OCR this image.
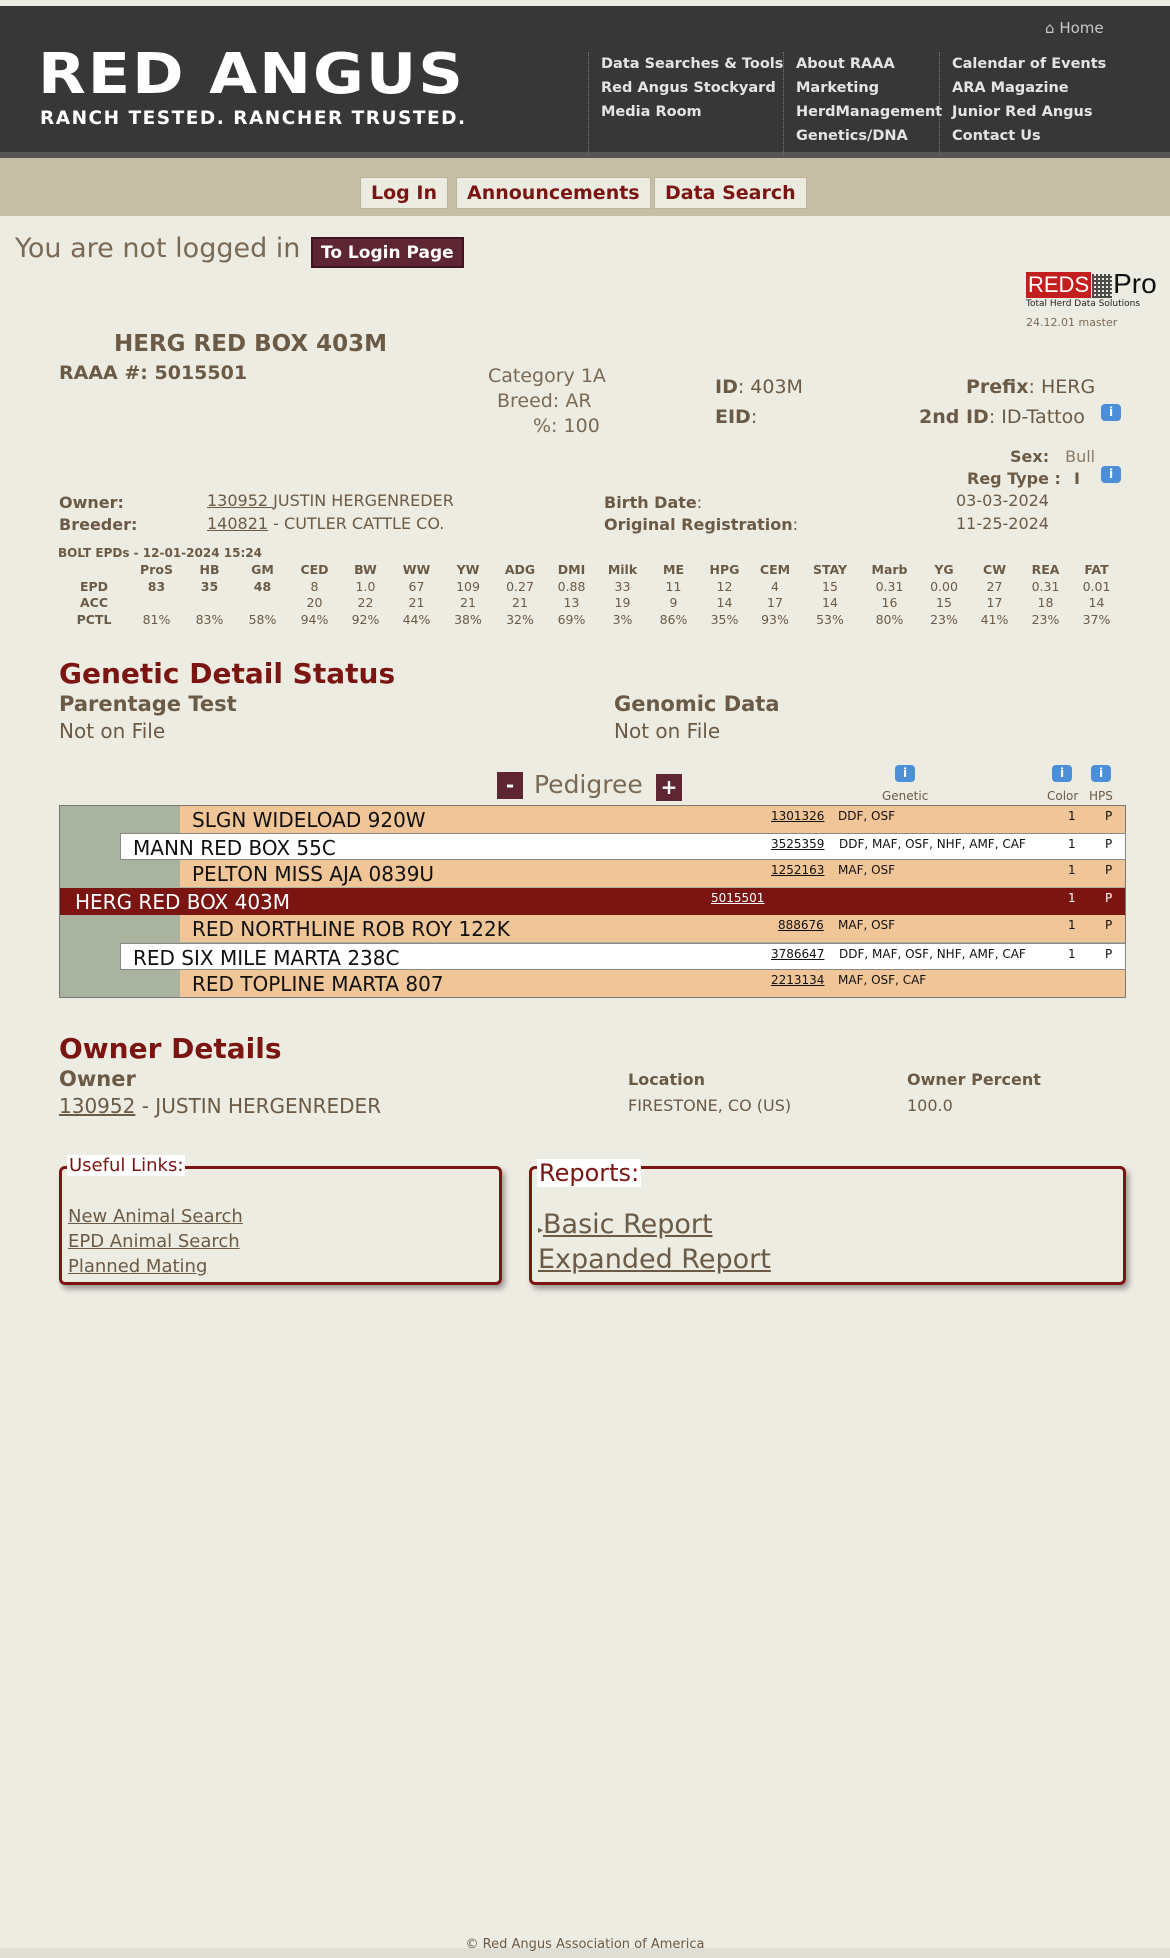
RED ANGUS
RANCH TESTED. RANCHER TRUSTED.
⌂ Home
Data Searches & Tools
Red Angus Stockyard
Media Room
About RAAA
Marketing
HerdManagement
Genetics/DNA
Calendar of Events
ARA Magazine
Junior Red Angus
Contact Us
Log In	Announcements	Data Search
You are not logged in	To Login Page
REDS Pro
Total Herd Data Solutions
24.12.01 master
HERG RED BOX 403M
RAAA #: 5015501	Category 1A
Breed: AR
%: 100
ID: 403M
EID:
Prefix: HERG
2nd ID: ID-Tattoo	i
Sex: Bull
Reg Type : I	i
Owner:	130952 JUSTIN HERGENREDER
Breeder:	140821 - CUTLER CATTLE CO.
Birth Date:	03-03-2024
Original Registration:	11-25-2024
BOLT EPDs - 12-01-2024 15:24
	ProS	HB	GM	CED	BW	WW	YW	ADG	DMI	Milk	ME	HPG	CEM	STAY	Marb	YG	CW	REA	FAT
EPD	83	35	48	8	1.0	67	109	0.27	0.88	33	11	12	4	15	0.31	0.00	27	0.31	0.01
ACC				20	22	21	21	21	13	19	9	14	17	14	16	15	17	18	14
PCTL	81%	83%	58%	94%	92%	44%	38%	32%	69%	3%	86%	35%	93%	53%	80%	23%	41%	23%	37%
Genetic Detail Status
Parentage Test
Not on File
Genomic Data
Not on File
- Pedigree +
i
Genetic
i
Color
i
HPS
SLGN WIDELOAD 920W	1301326 DDF, OSF	1 P
MANN RED BOX 55C	3525359 DDF, MAF, OSF, NHF, AMF, CAF	1 P
PELTON MISS AJA 0839U	1252163 MAF, OSF	1 P
HERG RED BOX 403M	5015501	1 P
RED NORTHLINE ROB ROY 122K	888676 MAF, OSF	1 P
RED SIX MILE MARTA 238C	3786647 DDF, MAF, OSF, NHF, AMF, CAF	1 P
RED TOPLINE MARTA 807	2213134 MAF, OSF, CAF
Owner Details
Owner
130952 - JUSTIN HERGENREDER
Location
FIRESTONE, CO (US)
Owner Percent
100.0
Useful Links:
New Animal Search
EPD Animal Search
Planned Mating
Reports:
▸Basic Report
Expanded Report
© Red Angus Association of America
